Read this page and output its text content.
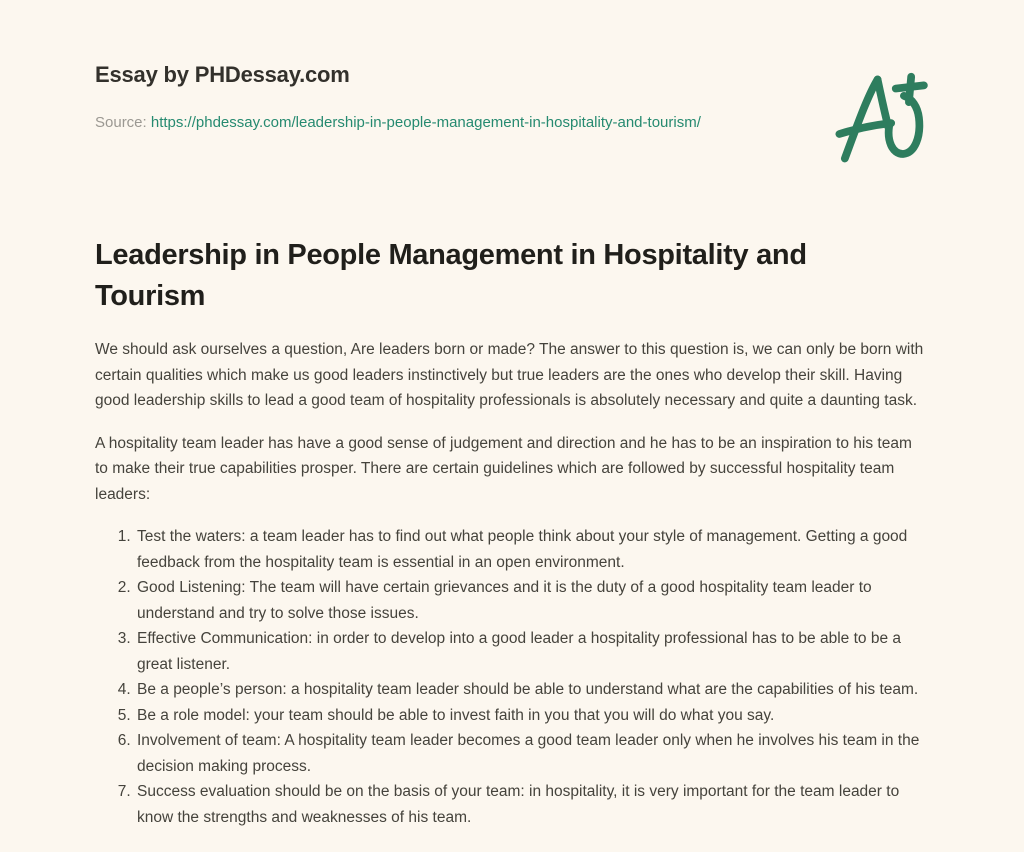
Essay by PHDessay.com

Source: https://phdessay.com/leadership-in-people-management-in-hospitality-and-tourism/

Leadership in People Management in Hospitality and Tourism

We should ask ourselves a question, Are leaders born or made? The answer to this question is, we can only be born with certain qualities which make us good leaders instinctively but true leaders are the ones who develop their skill. Having good leadership skills to lead a good team of hospitality professionals is absolutely necessary and quite a daunting task.

A hospitality team leader has have a good sense of judgement and direction and he has to be an inspiration to his team to make their true capabilities prosper. There are certain guidelines which are followed by successful hospitality team leaders:

1. Test the waters: a team leader has to find out what people think about your style of management. Getting a good feedback from the hospitality team is essential in an open environment.
2. Good Listening: The team will have certain grievances and it is the duty of a good hospitality team leader to understand and try to solve those issues.
3. Effective Communication: in order to develop into a good leader a hospitality professional has to be able to be a great listener.
4. Be a people’s person: a hospitality team leader should be able to understand what are the capabilities of his team.
5. Be a role model: your team should be able to invest faith in you that you will do what you say.
6. Involvement of team: A hospitality team leader becomes a good team leader only when he involves his team in the decision making process.
7. Success evaluation should be on the basis of your team: in hospitality, it is very important for the team leader to know the strengths and weaknesses of his team.
